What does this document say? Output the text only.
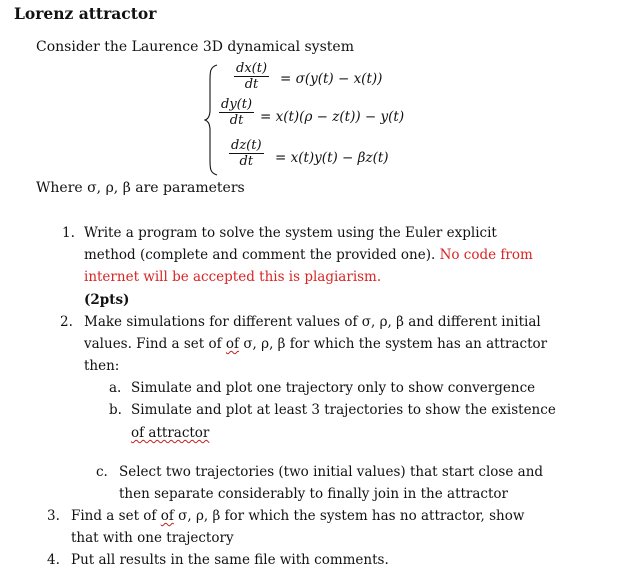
Lorenz attractor
Consider the Laurence 3D dynamical system
$\frac{dx(t)}{dt} = \sigma(y(t) - x(t))$
$\frac{dy(t)}{dt} = x(t)(\rho - z(t)) - y(t)$
$\frac{dz(t)}{dt} = x(t)y(t) - \beta z(t)$
Where σ, ρ, β are parameters
1. Write a program to solve the system using the Euler explicit
method (complete and comment the provided one). No code from
internet will be accepted this is plagiarism.
(2pts)
2. Make simulations for different values of σ, ρ, β and different initial
values. Find a set of of σ, ρ, β for which the system has an attractor
then:
a. Simulate and plot one trajectory only to show convergence
b. Simulate and plot at least 3 trajectories to show the existence
of attractor
c. Select two trajectories (two initial values) that start close and
then separate considerably to finally join in the attractor
3. Find a set of of σ, ρ, β for which the system has no attractor, show
that with one trajectory
4. Put all results in the same file with comments.
